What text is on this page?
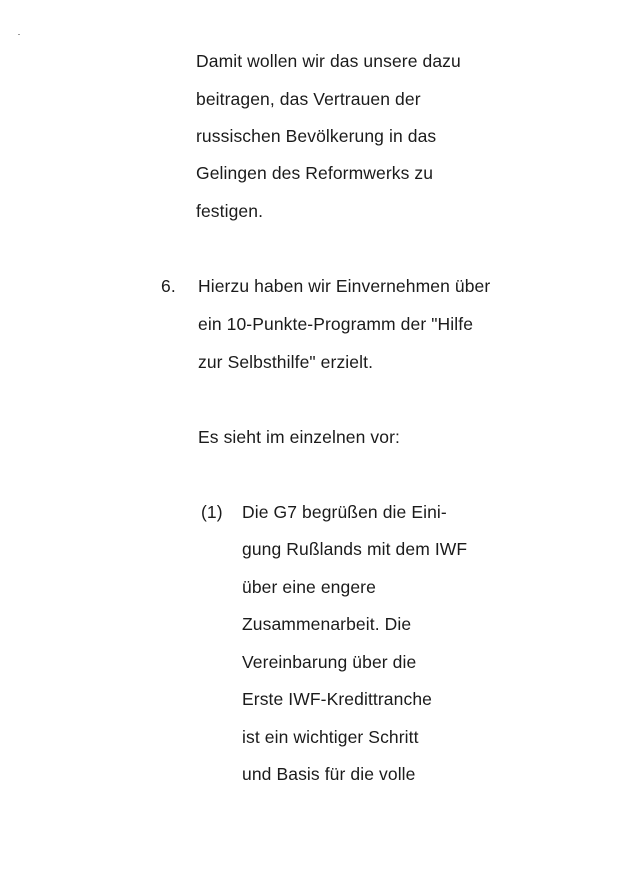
Damit wollen wir das unsere dazu
beitragen, das Vertrauen der
russischen Bevölkerung in das
Gelingen des Reformwerks zu
festigen.
6. Hierzu haben wir Einvernehmen über
ein 10-Punkte-Programm der "Hilfe
zur Selbsthilfe" erzielt.
Es sieht im einzelnen vor:
(1) Die G7 begrüßen die Eini-
gung Rußlands mit dem IWF
über eine engere
Zusammenarbeit. Die
Vereinbarung über die
Erste IWF-Kredittranche
ist ein wichtiger Schritt
und Basis für die volle
